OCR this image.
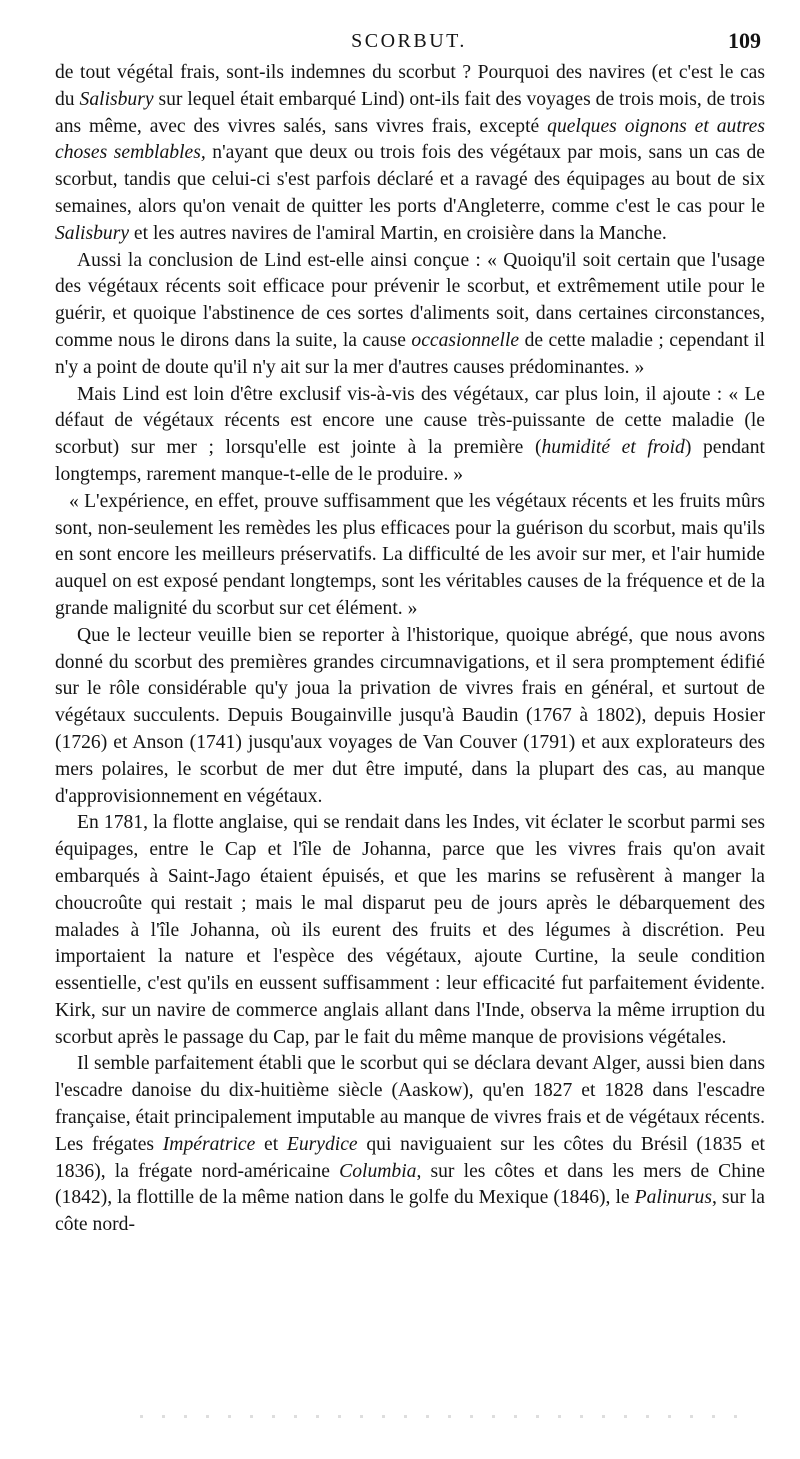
SCORBUT.	109

de tout végétal frais, sont-ils indemnes du scorbut ? Pourquoi des navires (et c'est le cas du Salisbury sur lequel était embarqué Lind) ont-ils fait des voyages de trois mois, de trois ans même, avec des vivres salés, sans vivres frais, excepté quelques oignons et autres choses semblables, n'ayant que deux ou trois fois des végétaux par mois, sans un cas de scorbut, tandis que celui-ci s'est parfois déclaré et a ravagé des équipages au bout de six semaines, alors qu'on venait de quitter les ports d'Angleterre, comme c'est le cas pour le Salisbury et les autres navires de l'amiral Martin, en croisière dans la Manche.

Aussi la conclusion de Lind est-elle ainsi conçue : « Quoiqu'il soit certain que l'usage des végétaux récents soit efficace pour prévenir le scorbut, et extrêmement utile pour le guérir, et quoique l'abstinence de ces sortes d'aliments soit, dans certaines circonstances, comme nous le dirons dans la suite, la cause occasionnelle de cette maladie ; cependant il n'y a point de doute qu'il n'y ait sur la mer d'autres causes prédominantes. »

Mais Lind est loin d'être exclusif vis-à-vis des végétaux, car plus loin, il ajoute : « Le défaut de végétaux récents est encore une cause très-puissante de cette maladie (le scorbut) sur mer ; lorsqu'elle est jointe à la première (humidité et froid) pendant longtemps, rarement manque-t-elle de le produire. »

« L'expérience, en effet, prouve suffisamment que les végétaux récents et les fruits mûrs sont, non-seulement les remèdes les plus efficaces pour la guérison du scorbut, mais qu'ils en sont encore les meilleurs préservatifs. La difficulté de les avoir sur mer, et l'air humide auquel on est exposé pendant longtemps, sont les véritables causes de la fréquence et de la grande malignité du scorbut sur cet élément. »

Que le lecteur veuille bien se reporter à l'historique, quoique abrégé, que nous avons donné du scorbut des premières grandes circumnavigations, et il sera promptement édifié sur le rôle considérable qu'y joua la privation de vivres frais en général, et surtout de végétaux succulents. Depuis Bougainville jusqu'à Baudin (1767 à 1802), depuis Hosier (1726) et Anson (1741) jusqu'aux voyages de Van Couver (1791) et aux explorateurs des mers polaires, le scorbut de mer dut être imputé, dans la plupart des cas, au manque d'approvisionnement en végétaux.

En 1781, la flotte anglaise, qui se rendait dans les Indes, vit éclater le scorbut parmi ses équipages, entre le Cap et l'île de Johanna, parce que les vivres frais qu'on avait embarqués à Saint-Jago étaient épuisés, et que les marins se refusèrent à manger la choucroûte qui restait ; mais le mal disparut peu de jours après le débarquement des malades à l'île Johanna, où ils eurent des fruits et des légumes à discrétion. Peu importaient la nature et l'espèce des végétaux, ajoute Curtine, la seule condition essentielle, c'est qu'ils en eussent suffisamment : leur efficacité fut parfaitement évidente. Kirk, sur un navire de commerce anglais allant dans l'Inde, observa la même irruption du scorbut après le passage du Cap, par le fait du même manque de provisions végétales.

Il semble parfaitement établi que le scorbut qui se déclara devant Alger, aussi bien dans l'escadre danoise du dix-huitième siècle (Aaskow), qu'en 1827 et 1828 dans l'escadre française, était principalement imputable au manque de vivres frais et de végétaux récents. Les frégates Impératrice et Eurydice qui naviguaient sur les côtes du Brésil (1835 et 1836), la frégate nord-américaine Columbia, sur les côtes et dans les mers de Chine (1842), la flottille de la même nation dans le golfe du Mexique (1846), le Palinurus, sur la côte nord-
